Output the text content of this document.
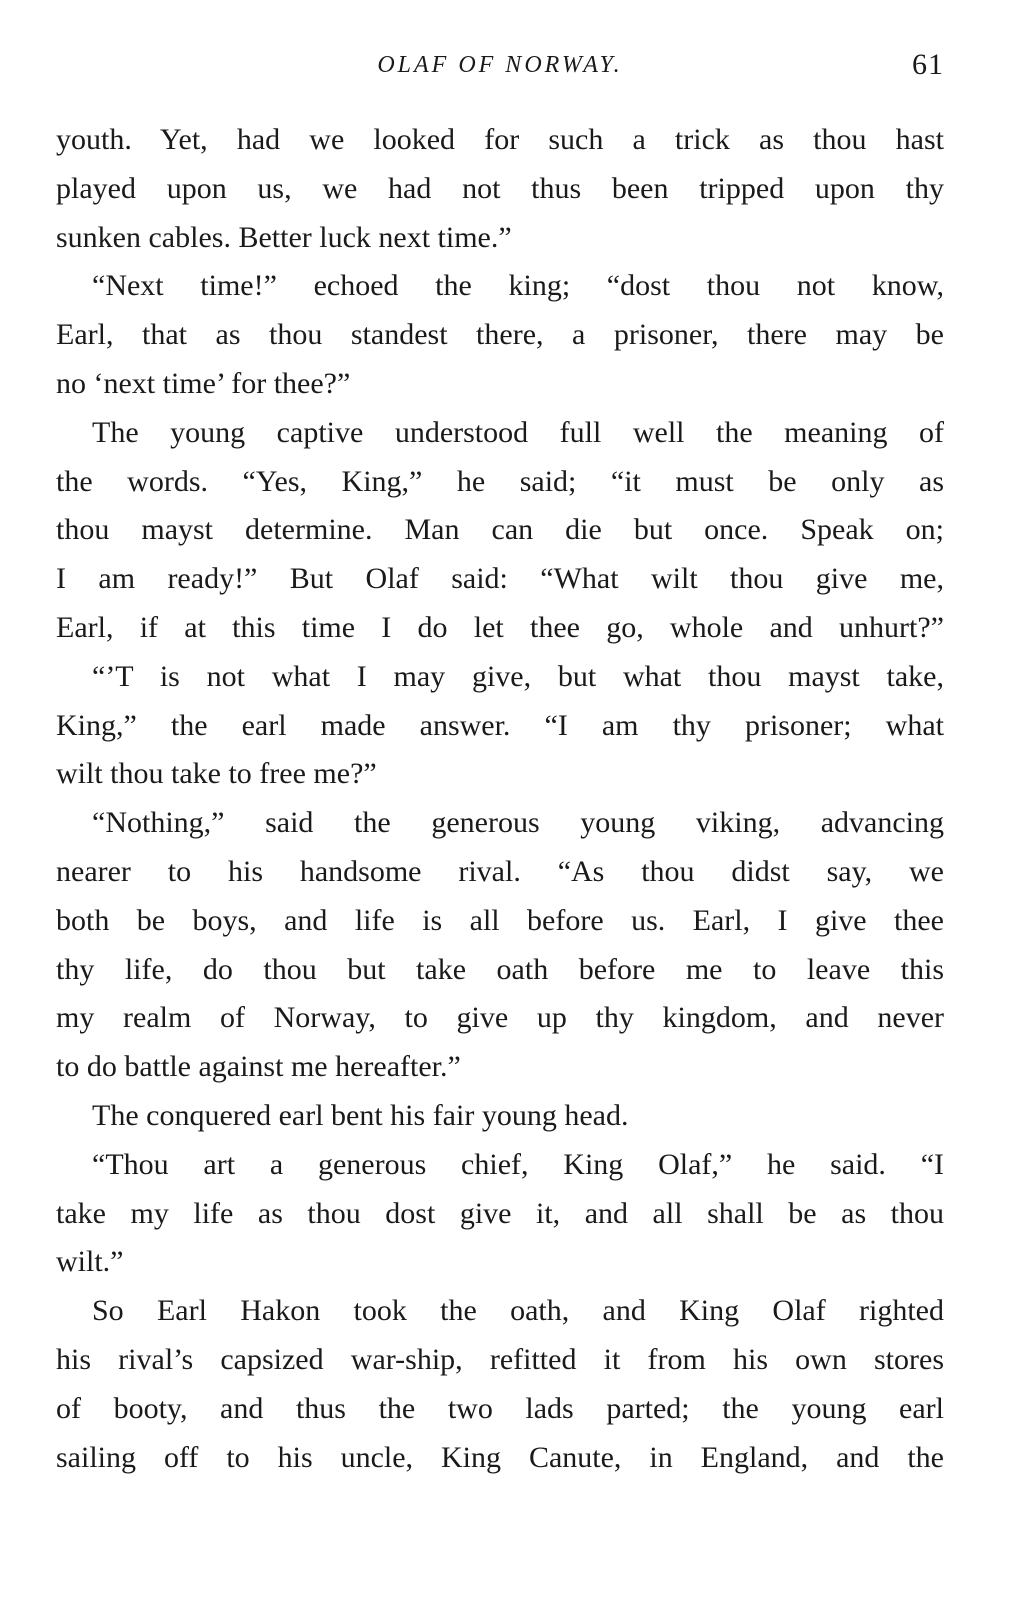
OLAF OF NORWAY.	61
youth. Yet, had we looked for such a trick as thou hast
played upon us, we had not thus been tripped upon thy
sunken cables. Better luck next time.”
“Next time!” echoed the king; “dost thou not know,
Earl, that as thou standest there, a prisoner, there may be
no ‘next time’ for thee?”
The young captive understood full well the meaning of
the words. “Yes, King,” he said; “it must be only as
thou mayst determine. Man can die but once. Speak on;
I am ready!” But Olaf said: “What wilt thou give me,
Earl, if at this time I do let thee go, whole and unhurt?”
“’T is not what I may give, but what thou mayst take,
King,” the earl made answer. “I am thy prisoner; what
wilt thou take to free me?”
“Nothing,” said the generous young viking, advancing
nearer to his handsome rival. “As thou didst say, we
both be boys, and life is all before us. Earl, I give thee
thy life, do thou but take oath before me to leave this
my realm of Norway, to give up thy kingdom, and never
to do battle against me hereafter.”
The conquered earl bent his fair young head.
“Thou art a generous chief, King Olaf,” he said. “I
take my life as thou dost give it, and all shall be as thou
wilt.”
So Earl Hakon took the oath, and King Olaf righted
his rival’s capsized war-ship, refitted it from his own stores
of booty, and thus the two lads parted; the young earl
sailing off to his uncle, King Canute, in England, and the
